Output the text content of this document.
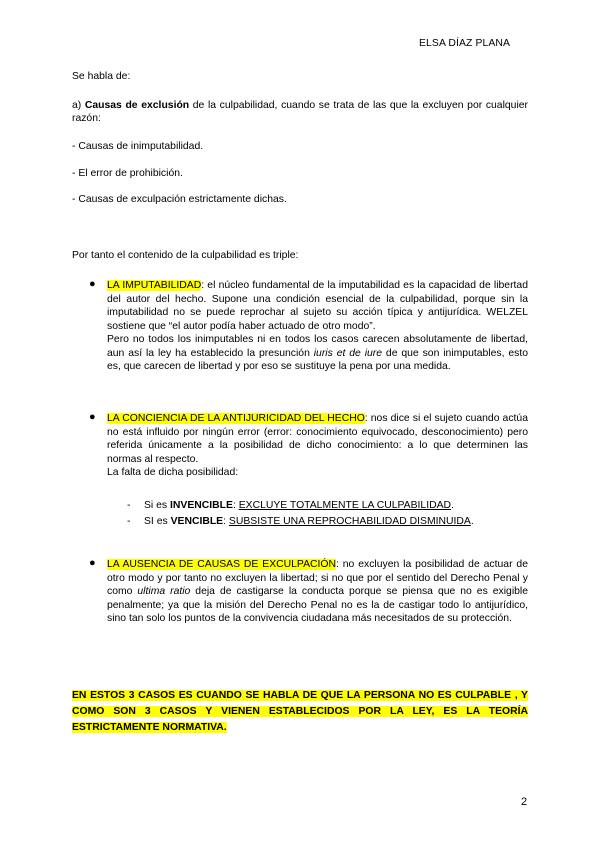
ELSA DÍAZ PLANA
Se habla de:
a) Causas de exclusión de la culpabilidad, cuando se trata de las que la excluyen por cualquier razón:
- Causas de inimputabilidad.
- El error de prohibición.
- Causas de exculpación estrictamente dichas.
Por tanto el contenido de la culpabilidad es triple:
● LA IMPUTABILIDAD: el núcleo fundamental de la imputabilidad es la capacidad de libertad del autor del hecho. Supone una condición esencial de la culpabilidad, porque sin la imputabilidad no se puede reprochar al sujeto su acción típica y antijurídica. WELZEL sostiene que “el autor podía haber actuado de otro modo”.
Pero no todos los inimputables ni en todos los casos carecen absolutamente de libertad, aun así la ley ha establecido la presunción iuris et de iure de que son inimputables, esto es, que carecen de libertad y por eso se sustituye la pena por una medida.
● LA CONCIENCIA DE LA ANTIJURICIDAD DEL HECHO: nos dice si el sujeto cuando actúa no está influido por ningún error (error: conocimiento equivocado, desconocimiento) pero referida únicamente a la posibilidad de dicho conocimiento: a lo que determinen las normas al respecto.
La falta de dicha posibilidad:
- Si es INVENCIBLE: EXCLUYE TOTALMENTE LA CULPABILIDAD.
- SI es VENCIBLE: SUBSISTE UNA REPROCHABILIDAD DISMINUIDA.
● LA AUSENCIA DE CAUSAS DE EXCULPACIÓN: no excluyen la posibilidad de actuar de otro modo y por tanto no excluyen la libertad; si no que por el sentido del Derecho Penal y como ultima ratio deja de castigarse la conducta porque se piensa que no es exigible penalmente; ya que la misión del Derecho Penal no es la de castigar todo lo antijurídico, sino tan solo los puntos de la convivencia ciudadana más necesitados de su protección.
EN ESTOS 3 CASOS ES CUANDO SE HABLA DE QUE LA PERSONA NO ES CULPABLE , Y COMO SON 3 CASOS Y VIENEN ESTABLECIDOS POR LA LEY, ES LA TEORÍA ESTRICTAMENTE NORMATIVA.
2
